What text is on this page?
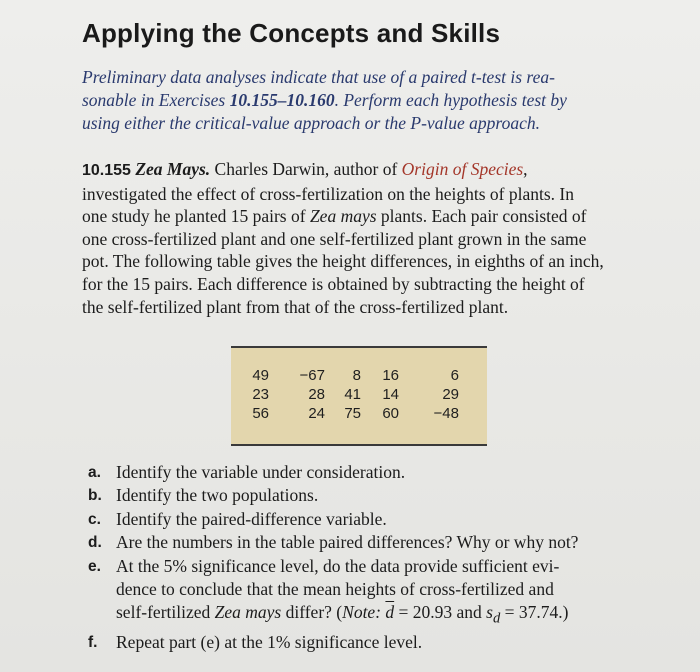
Applying the Concepts and Skills
Preliminary data analyses indicate that use of a paired t-test is rea-
sonable in Exercises 10.155–10.160. Perform each hypothesis test by
using either the critical-value approach or the P-value approach.
10.155 Zea Mays. Charles Darwin, author of Origin of Species,
investigated the effect of cross-fertilization on the heights of plants. In
one study he planted 15 pairs of Zea mays plants. Each pair consisted of
one cross-fertilized plant and one self-fertilized plant grown in the same
pot. The following table gives the height differences, in eighths of an inch,
for the 15 pairs. Each difference is obtained by subtracting the height of
the self-fertilized plant from that of the cross-fertilized plant.
49	−67	8	16	6
23	28	41	14	29
56	24	75	60	−48
a. Identify the variable under consideration.
b. Identify the two populations.
c. Identify the paired-difference variable.
d. Are the numbers in the table paired differences? Why or why not?
e. At the 5% significance level, do the data provide sufficient evi-
dence to conclude that the mean heights of cross-fertilized and
self-fertilized Zea mays differ? (Note: $\overline{d} = 20.93$ and $s_d = 37.74$.)
f. Repeat part (e) at the 1% significance level.
